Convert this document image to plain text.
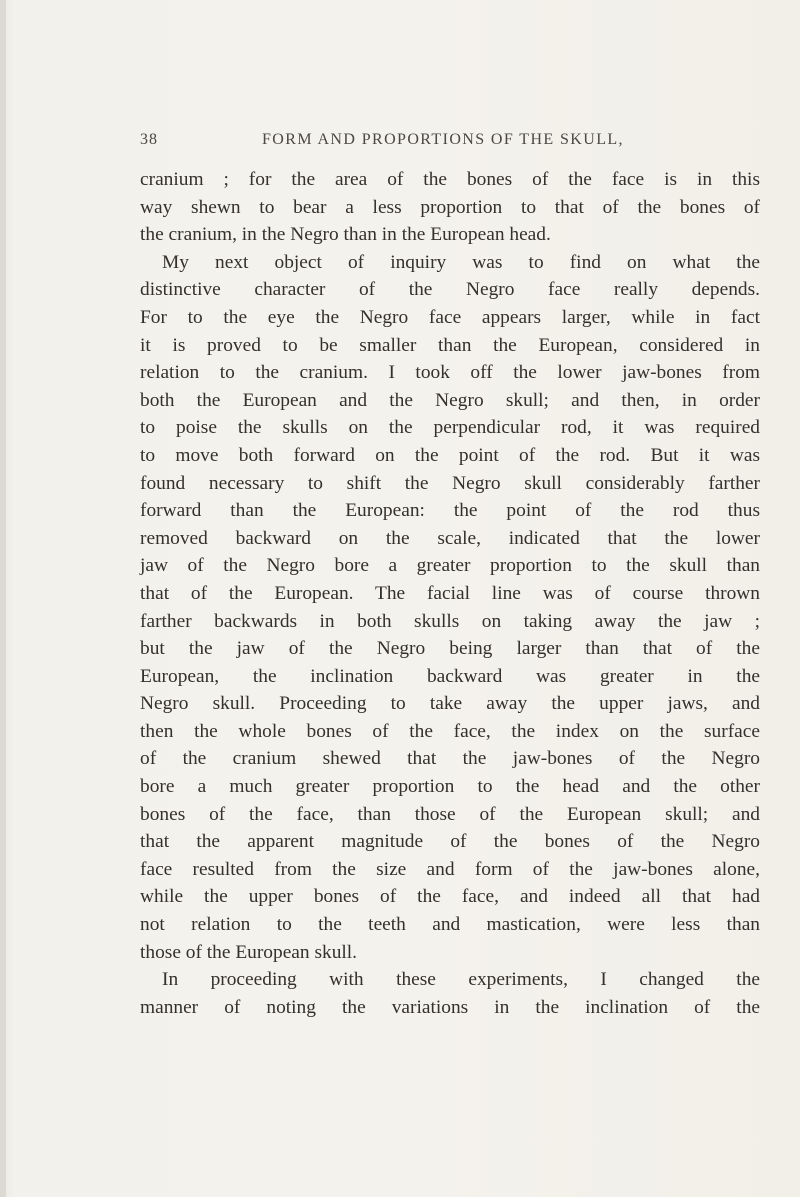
38	FORM AND PROPORTIONS OF THE SKULL,
cranium ; for the area of the bones of the face is in this
way shewn to bear a less proportion to that of the bones of
the cranium, in the Negro than in the European head.
My next object of inquiry was to find on what the
distinctive character of the Negro face really depends.
For to the eye the Negro face appears larger, while in fact
it is proved to be smaller than the European, considered in
relation to the cranium. I took off the lower jaw-bones from
both the European and the Negro skull; and then, in order
to poise the skulls on the perpendicular rod, it was required
to move both forward on the point of the rod. But it was
found necessary to shift the Negro skull considerably farther
forward than the European: the point of the rod thus
removed backward on the scale, indicated that the lower
jaw of the Negro bore a greater proportion to the skull than
that of the European. The facial line was of course thrown
farther backwards in both skulls on taking away the jaw ;
but the jaw of the Negro being larger than that of the
European, the inclination backward was greater in the
Negro skull. Proceeding to take away the upper jaws, and
then the whole bones of the face, the index on the surface
of the cranium shewed that the jaw-bones of the Negro
bore a much greater proportion to the head and the other
bones of the face, than those of the European skull; and
that the apparent magnitude of the bones of the Negro
face resulted from the size and form of the jaw-bones alone,
while the upper bones of the face, and indeed all that had
not relation to the teeth and mastication, were less than
those of the European skull.
In proceeding with these experiments, I changed the
manner of noting the variations in the inclination of the
